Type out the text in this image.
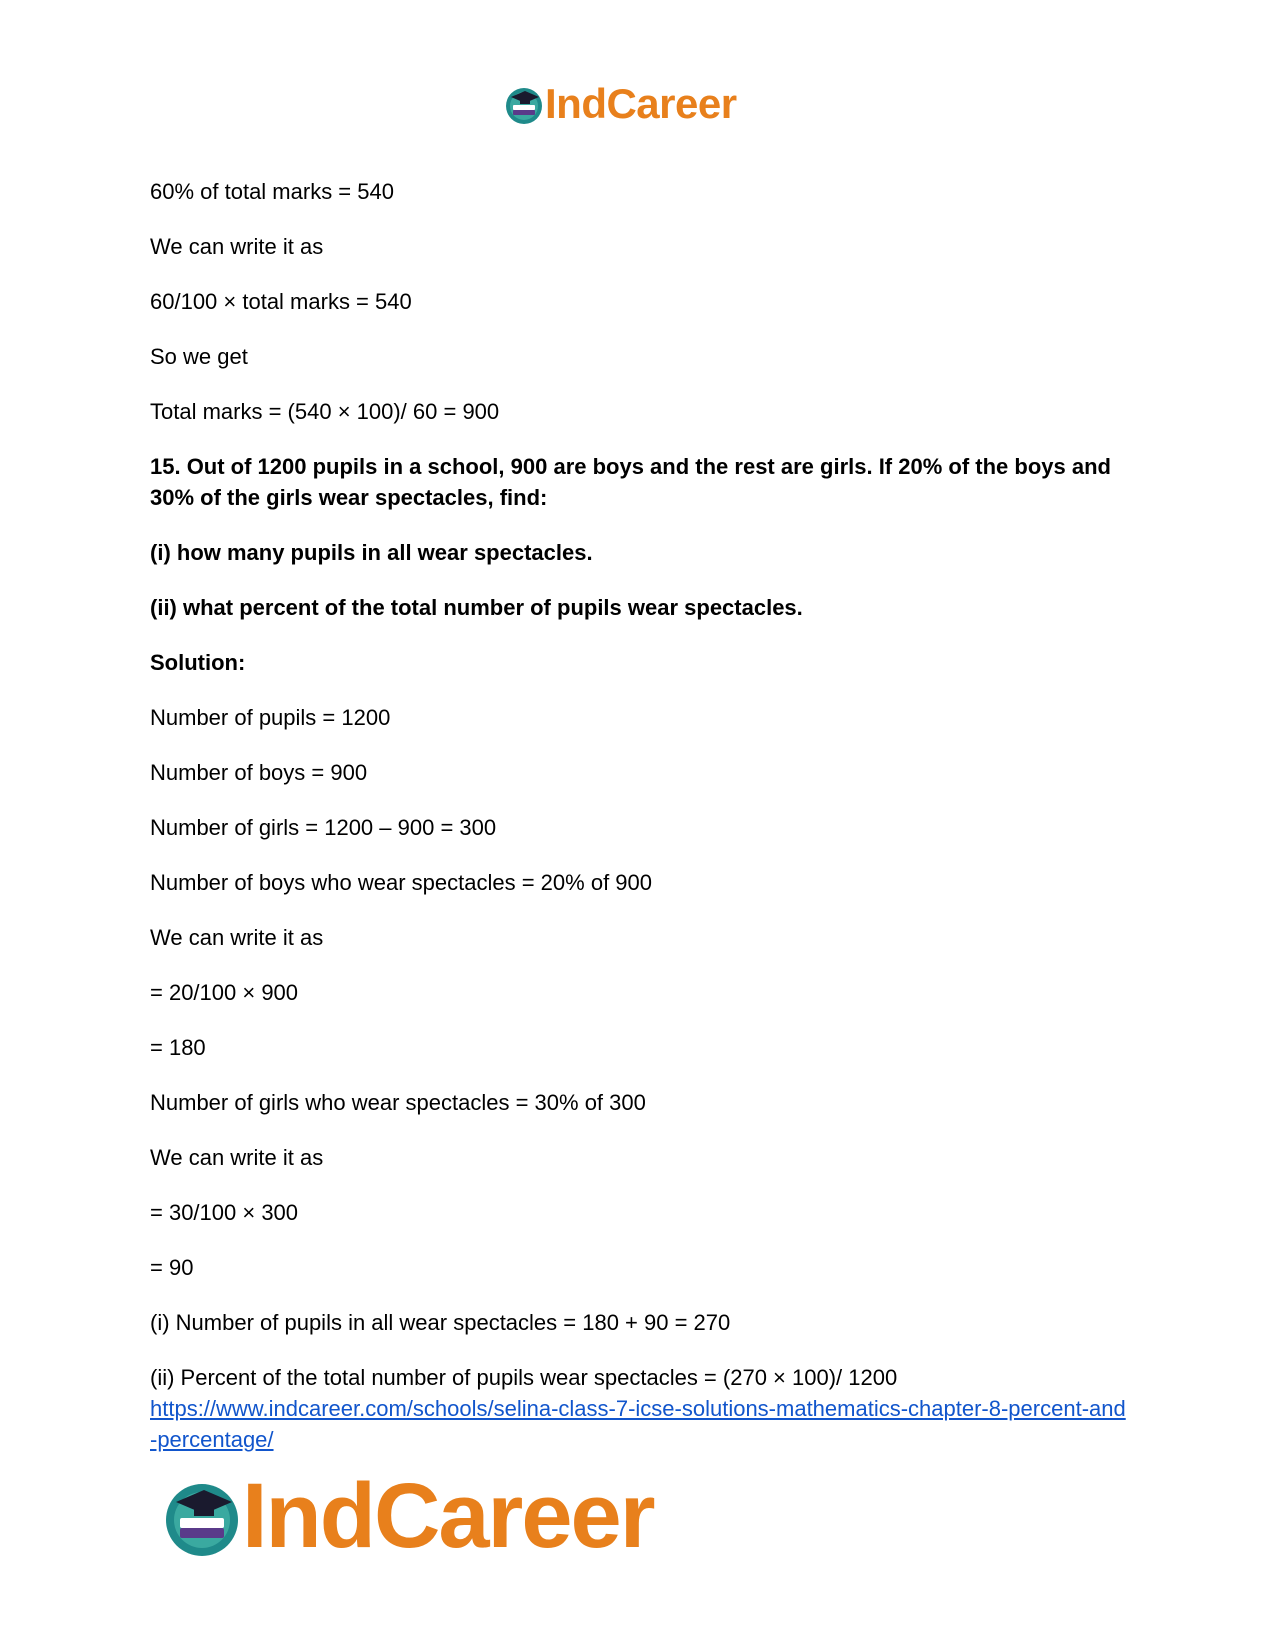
IndCareer
60% of total marks = 540
We can write it as
60/100 × total marks = 540
So we get
Total marks = (540 × 100)/ 60 = 900
15. Out of 1200 pupils in a school, 900 are boys and the rest are girls. If 20% of the boys and 30% of the girls wear spectacles, find:
(i) how many pupils in all wear spectacles.
(ii) what percent of the total number of pupils wear spectacles.
Solution:
Number of pupils = 1200
Number of boys = 900
Number of girls = 1200 – 900 = 300
Number of boys who wear spectacles = 20% of 900
We can write it as
= 20/100 × 900
= 180
Number of girls who wear spectacles = 30% of 300
We can write it as
= 30/100 × 300
= 90
(i) Number of pupils in all wear spectacles = 180 + 90 = 270
(ii) Percent of the total number of pupils wear spectacles = (270 × 100)/ 1200
https://www.indcareer.com/schools/selina-class-7-icse-solutions-mathematics-chapter-8-percent-and-percentage/
IndCareer
